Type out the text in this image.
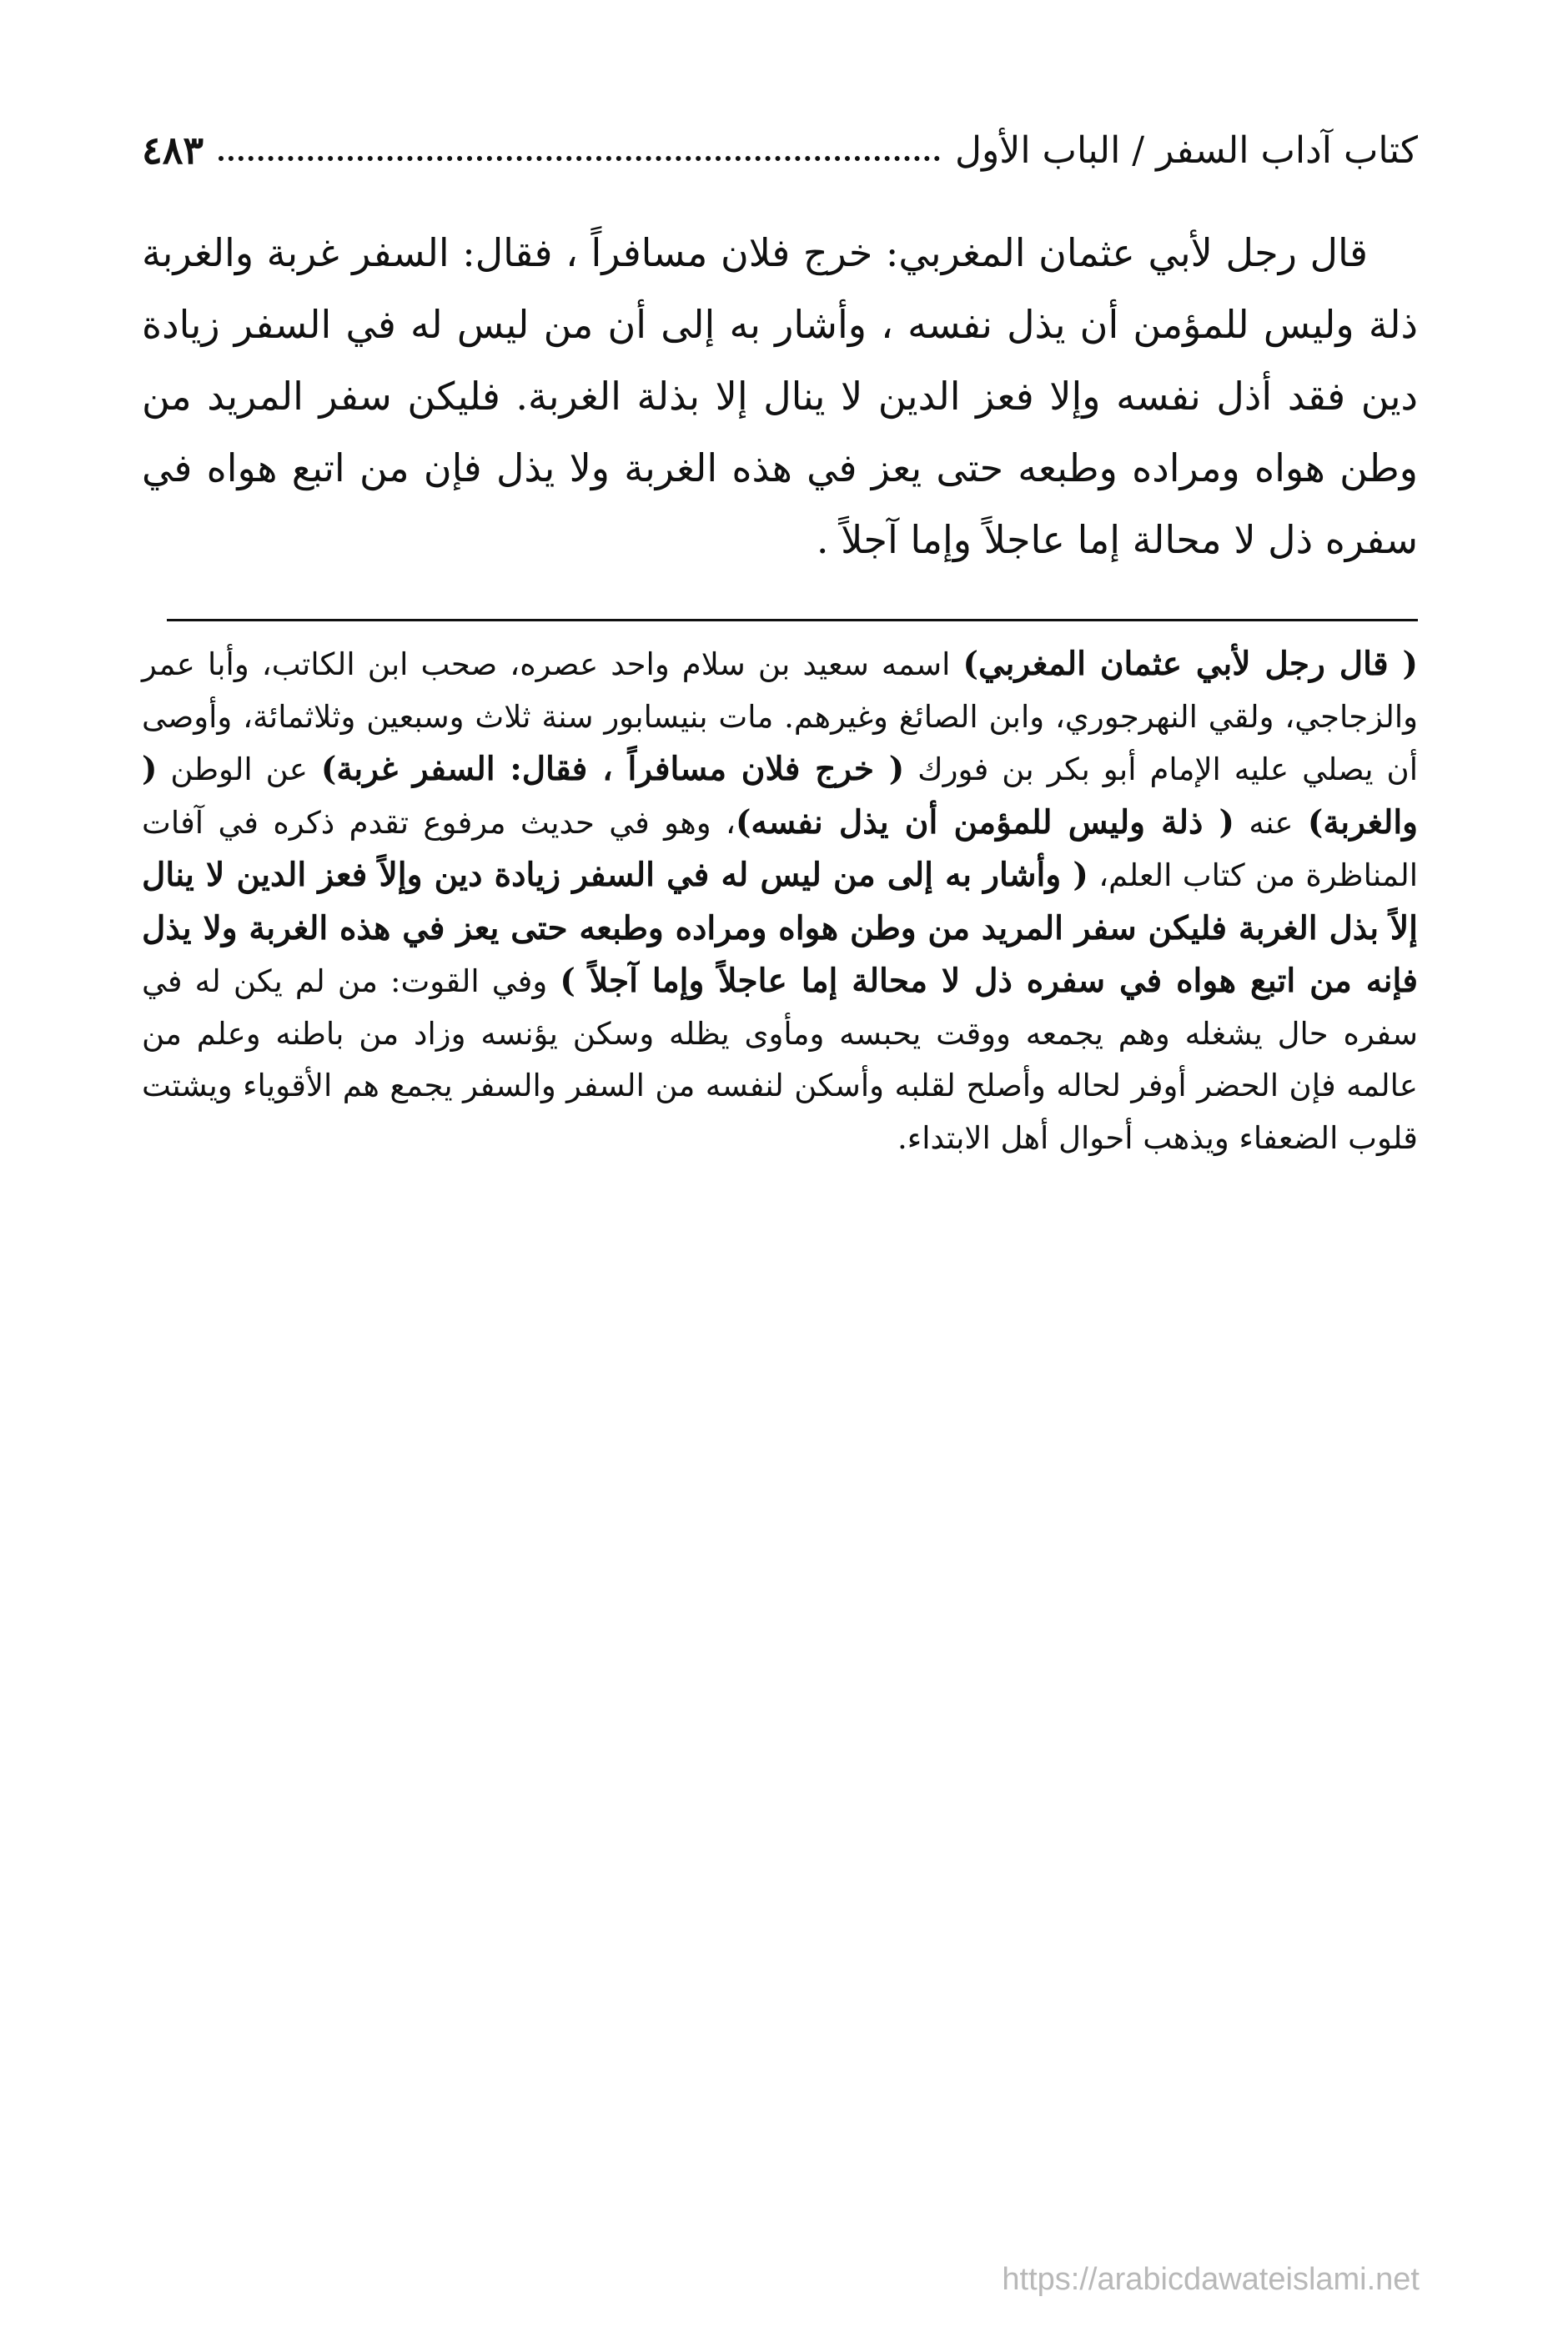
٤٨٣	كتاب آداب السفر / الباب الأول
قال رجل لأبي عثمان المغربي: خرج فلان مسافراً ، فقال: السفر غربة والغربة ذلة وليس للمؤمن أن يذل نفسه ، وأشار به إلى أن من ليس له في السفر زيادة دين فقد أذل نفسه وإلا فعز الدين لا ينال إلا بذلة الغربة. فليكن سفر المريد من وطن هواه ومراده وطبعه حتى يعز في هذه الغربة ولا يذل فإن من اتبع هواه في سفره ذل لا محالة إما عاجلاً وإما آجلاً .
( قال رجل لأبي عثمان المغربي) اسمه سعيد بن سلام واحد عصره، صحب ابن الكاتب، وأبا عمر والزجاجي، ولقي النهرجوري، وابن الصائغ وغيرهم. مات بنيسابور سنة ثلاث وسبعين وثلاثمائة، وأوصى أن يصلي عليه الإمام أبو بكر بن فورك ( خرج فلان مسافراً ، فقال: السفر غربة) عن الوطن ( والغربة) عنه ( ذلة وليس للمؤمن أن يذل نفسه)، وهو في حديث مرفوع تقدم ذكره في آفات المناظرة من كتاب العلم، ( وأشار به إلى من ليس له في السفر زيادة دين وإلاً فعز الدين لا ينال إلاً بذل الغربة فليكن سفر المريد من وطن هواه ومراده وطبعه حتى يعز في هذه الغربة ولا يذل فإنه من اتبع هواه في سفره ذل لا محالة إما عاجلاً وإما آجلاً ) وفي القوت: من لم يكن له في سفره حال يشغله وهم يجمعه ووقت يحبسه ومأوى يظله وسكن يؤنسه وزاد من باطنه وعلم من عالمه فإن الحضر أوفر لحاله وأصلح لقلبه وأسكن لنفسه من السفر والسفر يجمع هم الأقوياء ويشتت قلوب الضعفاء ويذهب أحوال أهل الابتداء.
https://arabicdawateislami.net
